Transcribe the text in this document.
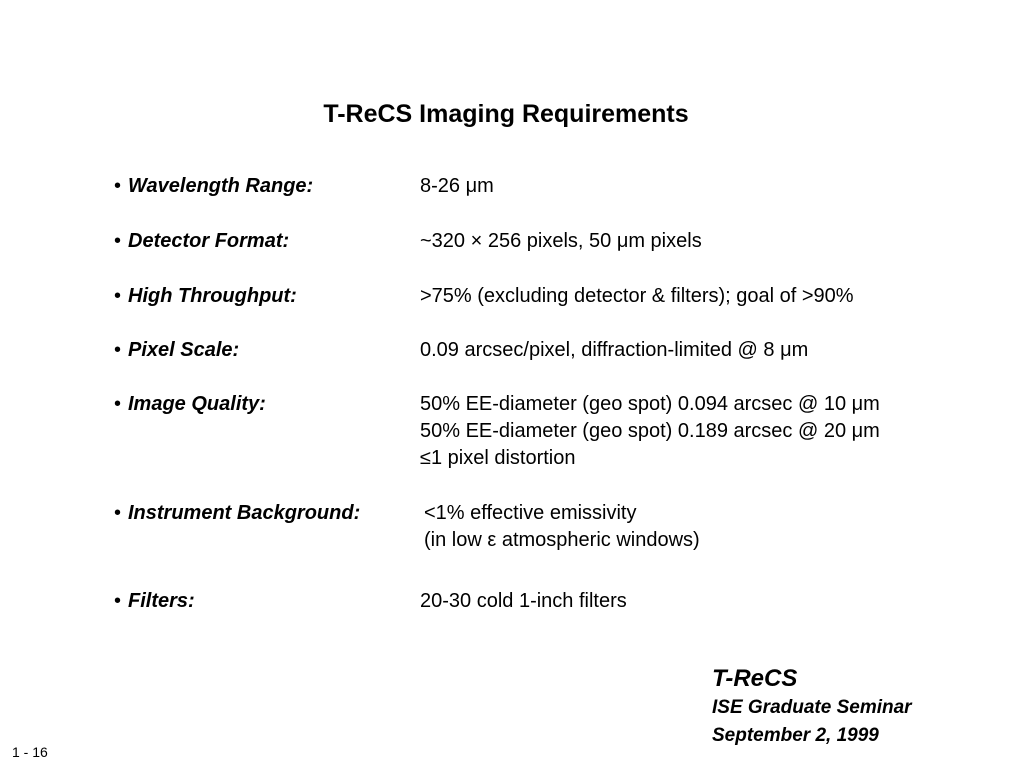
T-ReCS Imaging Requirements
• Wavelength Range:	8-26 μm
• Detector Format:	~320 × 256 pixels, 50 μm pixels
• High Throughput:	>75% (excluding detector & filters); goal of >90%
• Pixel Scale:	0.09 arcsec/pixel, diffraction-limited @ 8 μm
• Image Quality:	50% EE-diameter (geo spot) 0.094 arcsec @ 10 μm
50% EE-diameter (geo spot) 0.189 arcsec @ 20 μm
≤1 pixel distortion
• Instrument Background:	<1% effective emissivity
(in low ε atmospheric windows)
• Filters:	20-30 cold 1-inch filters
T-ReCS
ISE Graduate Seminar
September 2, 1999
1 - 16
